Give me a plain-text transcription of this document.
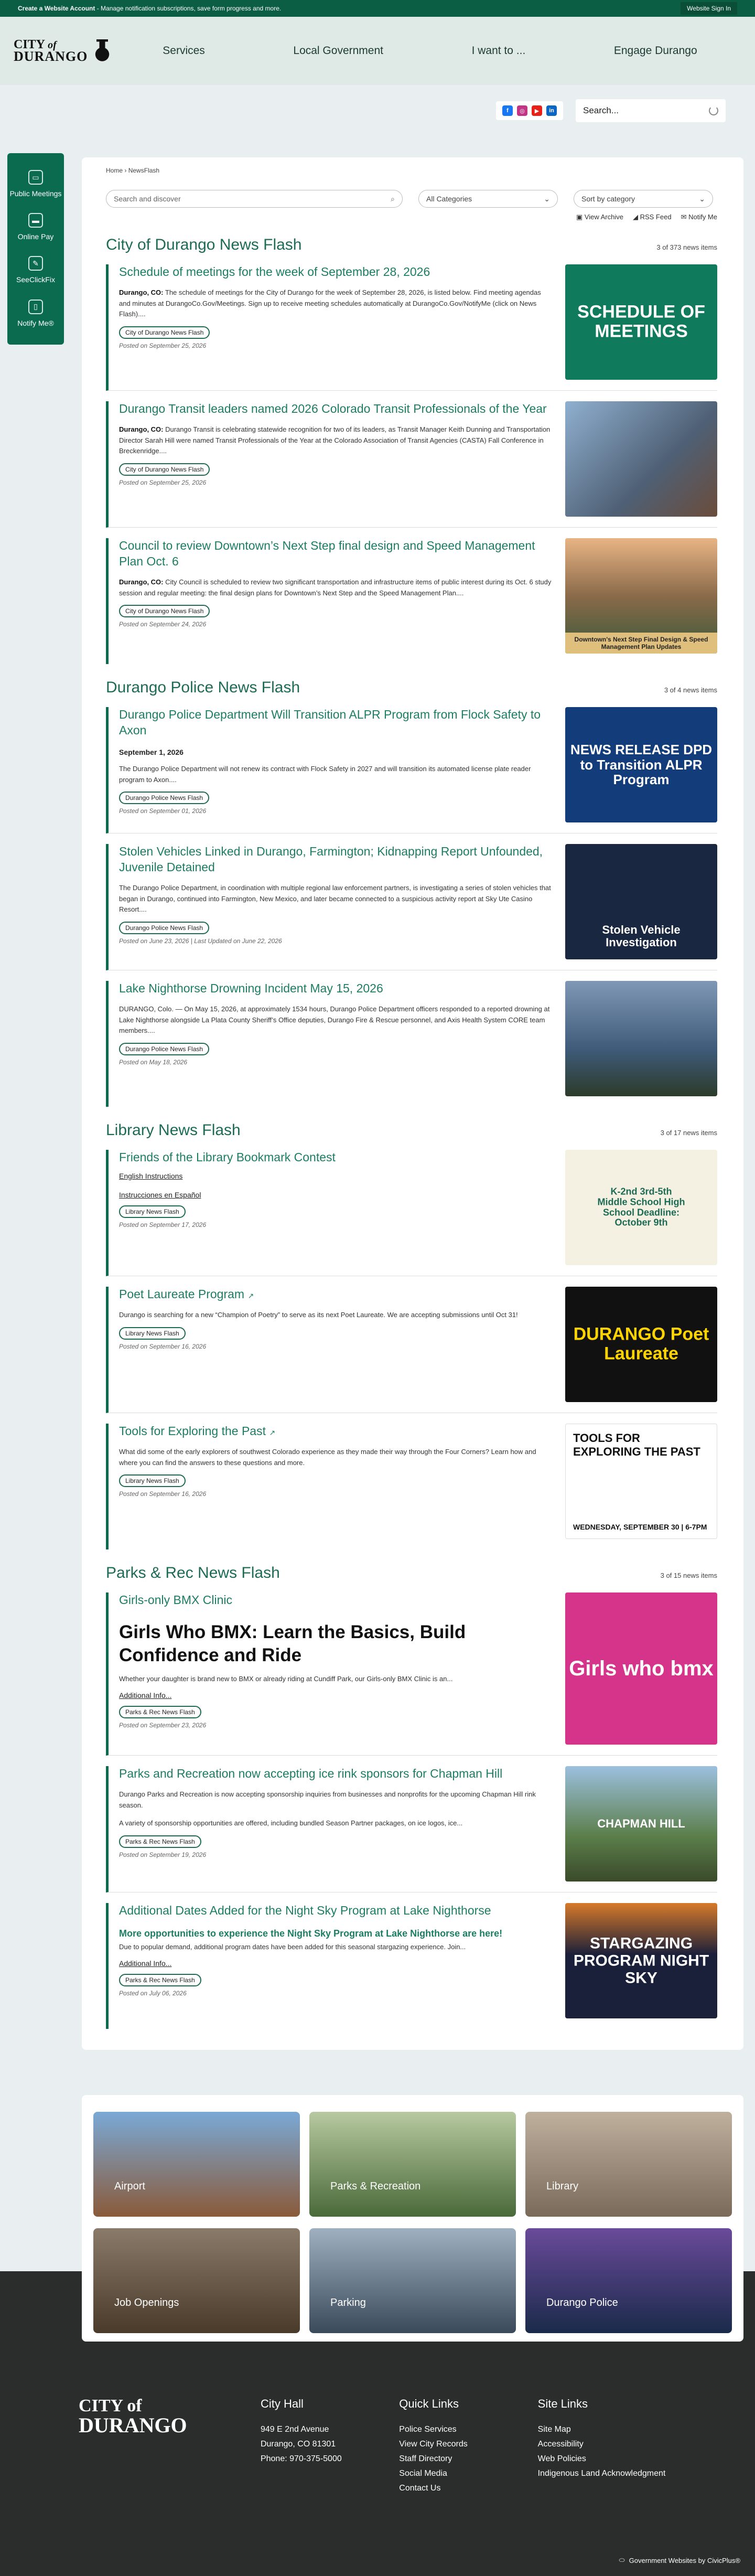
Create a Website Account - Manage notification subscriptions, save form progress and more.	Website Sign In
CITY of
DURANGO	Services	Local Government	I want to ...	Engage Durango
f	◎	▶	in	Search...
▭
Public Meetings
▬
Online Pay
✎
SeeClickFix
▯
Notify Me®
Home › NewsFlash
Search and discover	⌕	All Categories	⌄	Sort by category	⌄
▣ View Archive ◢ RSS Feed ✉ Notify Me
City of Durango News Flash	3 of 373 news items
Schedule of meetings for the week of September 28, 2026

Durango, CO: The schedule of meetings for the City of Durango for the week of September 28, 2026, is listed below. Find meeting agendas and minutes at DurangoCo.Gov/Meetings. Sign up to receive meeting schedules automatically at DurangoCo.Gov/NotifyMe (click on News Flash)....

City of Durango News Flash

Posted on September 25, 2026

SCHEDULE OF MEETINGS
Durango Transit leaders named 2026 Colorado Transit Professionals of the Year

Durango, CO: Durango Transit is celebrating statewide recognition for two of its leaders, as Transit Manager Keith Dunning and Transportation Director Sarah Hill were named Transit Professionals of the Year at the Colorado Association of Transit Agencies (CASTA) Fall Conference in Breckenridge....

City of Durango News Flash

Posted on September 25, 2026

Council to review Downtown’s Next Step final design and Speed Management Plan Oct. 6

Durango, CO: City Council is scheduled to review two significant transportation and infrastructure items of public interest during its Oct. 6 study session and regular meeting: the final design plans for Downtown’s Next Step and the Speed Management Plan....

City of Durango News Flash

Posted on September 24, 2026

Downtown's Next Step Final Design & Speed Management Plan Updates
Durango Police News Flash	3 of 4 news items
Durango Police Department Will Transition ALPR Program from Flock Safety to Axon

September 1, 2026

The Durango Police Department will not renew its contract with Flock Safety in 2027 and will transition its automated license plate reader program to Axon....

Durango Police News Flash

Posted on September 01, 2026

NEWS RELEASE DPD to Transition ALPR Program
Stolen Vehicles Linked in Durango, Farmington; Kidnapping Report Unfounded, Juvenile Detained

The Durango Police Department, in coordination with multiple regional law enforcement partners, is investigating a series of stolen vehicles that began in Durango, continued into Farmington, New Mexico, and later became connected to a suspicious activity report at Sky Ute Casino Resort....

Durango Police News Flash

Posted on June 23, 2026 | Last Updated on June 22, 2026

Stolen Vehicle Investigation
Lake Nighthorse Drowning Incident May 15, 2026

DURANGO, Colo. — On May 15, 2026, at approximately 1534 hours, Durango Police Department officers responded to a reported drowning at Lake Nighthorse alongside La Plata County Sheriff’s Office deputies, Durango Fire & Rescue personnel, and Axis Health System CORE team members....

Durango Police News Flash

Posted on May 18, 2026

Library News Flash	3 of 17 news items
Friends of the Library Bookmark Contest
English Instructions
Instrucciones en Español
Library News Flash

Posted on September 17, 2026

K-2nd 3rd-5th Middle School High School Deadline: October 9th
Poet Laureate Program ↗

Durango is searching for a new “Champion of Poetry” to serve as its next Poet Laureate. We are accepting submissions until Oct 31!

Library News Flash

Posted on September 16, 2026

DURANGO Poet Laureate
Tools for Exploring the Past ↗

What did some of the early explorers of southwest Colorado experience as they made their way through the Four Corners? Learn how and where you can find the answers to these questions and more.

Library News Flash

Posted on September 16, 2026

TOOLS FOR EXPLORING THE PAST
WEDNESDAY, SEPTEMBER 30 | 6-7PM
Parks & Rec News Flash	3 of 15 news items
Girls-only BMX Clinic
Girls Who BMX: Learn the Basics, Build Confidence and Ride

Whether your daughter is brand new to BMX or already riding at Cundiff Park, our Girls-only BMX Clinic is an...

Additional Info...
Parks & Rec News Flash

Posted on September 23, 2026

Girls who bmx
Parks and Recreation now accepting ice rink sponsors for Chapman Hill

Durango Parks and Recreation is now accepting sponsorship inquiries from businesses and nonprofits for the upcoming Chapman Hill rink season.

A variety of sponsorship opportunities are offered, including bundled Season Partner packages, on ice logos, ice...

Parks & Rec News Flash

Posted on September 19, 2026

CHAPMAN HILL
Additional Dates Added for the Night Sky Program at Lake Nighthorse

More opportunities to experience the Night Sky Program at Lake Nighthorse are here!

Due to popular demand, additional program dates have been added for this seasonal stargazing experience. Join...

Additional Info...
Parks & Rec News Flash

Posted on July 06, 2026

STARGAZING PROGRAM NIGHT SKY
Airport	Parks & Recreation	Library
Job Openings	Parking	Durango Police
CITY of
DURANGO
City Hall

949 E 2nd Avenue

Durango, CO 81301

Phone: 970-375-5000

Quick Links

Police Services

View City Records

Staff Directory

Social Media

Contact Us

Site Links

Site Map

Accessibility

Web Policies

Indigenous Land Acknowledgment

⬭ Government Websites by CivicPlus®
